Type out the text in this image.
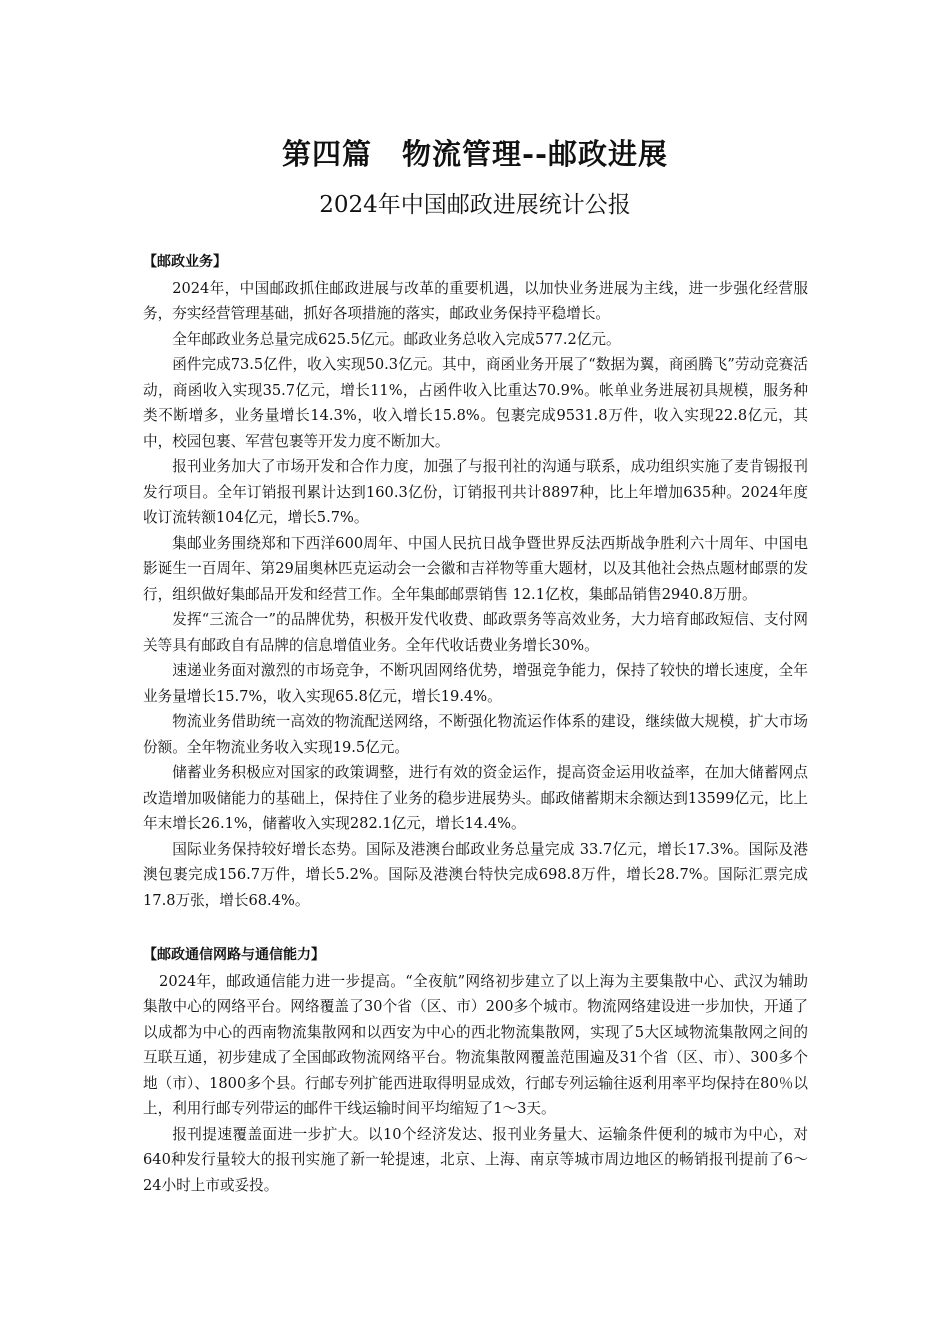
第四篇　物流管理--邮政进展
2024年中国邮政进展统计公报
【邮政业务】

2024年，中国邮政抓住邮政进展与改革的重要机遇，以加快业务进展为主线，进一步强化经营服务，夯实经营管理基础，抓好各项措施的落实，邮政业务保持平稳增长。

全年邮政业务总量完成625.5亿元。邮政业务总收入完成577.2亿元。

函件完成73.5亿件，收入实现50.3亿元。其中，商函业务开展了“数据为翼，商函腾飞”劳动竞赛活动，商函收入实现35.7亿元，增长11%，占函件收入比重达70.9%。帐单业务进展初具规模，服务种类不断增多，业务量增长14.3%，收入增长15.8%。包裹完成9531.8万件，收入实现22.8亿元，其中，校园包裹、军营包裹等开发力度不断加大。

报刊业务加大了市场开发和合作力度，加强了与报刊社的沟通与联系，成功组织实施了麦肯锡报刊发行项目。全年订销报刊累计达到160.3亿份，订销报刊共计8897种，比上年增加635种。2024年度收订流转额104亿元，增长5.7%。

集邮业务围绕郑和下西洋600周年、中国人民抗日战争暨世界反法西斯战争胜利六十周年、中国电影诞生一百周年、第29届奥林匹克运动会一会徽和吉祥物等重大题材，以及其他社会热点题材邮票的发行，组织做好集邮品开发和经营工作。全年集邮邮票销售 12.1亿枚，集邮品销售2940.8万册。

发挥“三流合一”的品牌优势，积极开发代收费、邮政票务等高效业务，大力培育邮政短信、支付网关等具有邮政自有品牌的信息增值业务。全年代收话费业务增长30%。

速递业务面对激烈的市场竞争，不断巩固网络优势，增强竞争能力，保持了较快的增长速度，全年业务量增长15.7%，收入实现65.8亿元，增长19.4%。

物流业务借助统一高效的物流配送网络，不断强化物流运作体系的建设，继续做大规模，扩大市场份额。全年物流业务收入实现19.5亿元。

储蓄业务积极应对国家的政策调整，进行有效的资金运作，提高资金运用收益率，在加大储蓄网点改造增加吸储能力的基础上，保持住了业务的稳步进展势头。邮政储蓄期末余额达到13599亿元，比上年末增长26.1%，储蓄收入实现282.1亿元，增长14.4%。

国际业务保持较好增长态势。国际及港澳台邮政业务总量完成 33.7亿元，增长17.3%。国际及港澳包裹完成156.7万件，增长5.2%。国际及港澳台特快完成698.8万件，增长28.7%。国际汇票完成17.8万张，增长68.4%。

【邮政通信网路与通信能力】

2024年，邮政通信能力进一步提高。“全夜航”网络初步建立了以上海为主要集散中心、武汉为辅助集散中心的网络平台。网络覆盖了30个省（区、市）200多个城市。物流网络建设进一步加快，开通了以成都为中心的西南物流集散网和以西安为中心的西北物流集散网，实现了5大区域物流集散网之间的互联互通，初步建成了全国邮政物流网络平台。物流集散网覆盖范围遍及31个省（区、市）、300多个地（市）、1800多个县。行邮专列扩能西进取得明显成效，行邮专列运输往返利用率平均保持在80％以上，利用行邮专列带运的邮件干线运输时间平均缩短了1～3天。

报刊提速覆盖面进一步扩大。以10个经济发达、报刊业务量大、运输条件便利的城市为中心，对640种发行量较大的报刊实施了新一轮提速，北京、上海、南京等城市周边地区的畅销报刊提前了6～24小时上市或妥投。
